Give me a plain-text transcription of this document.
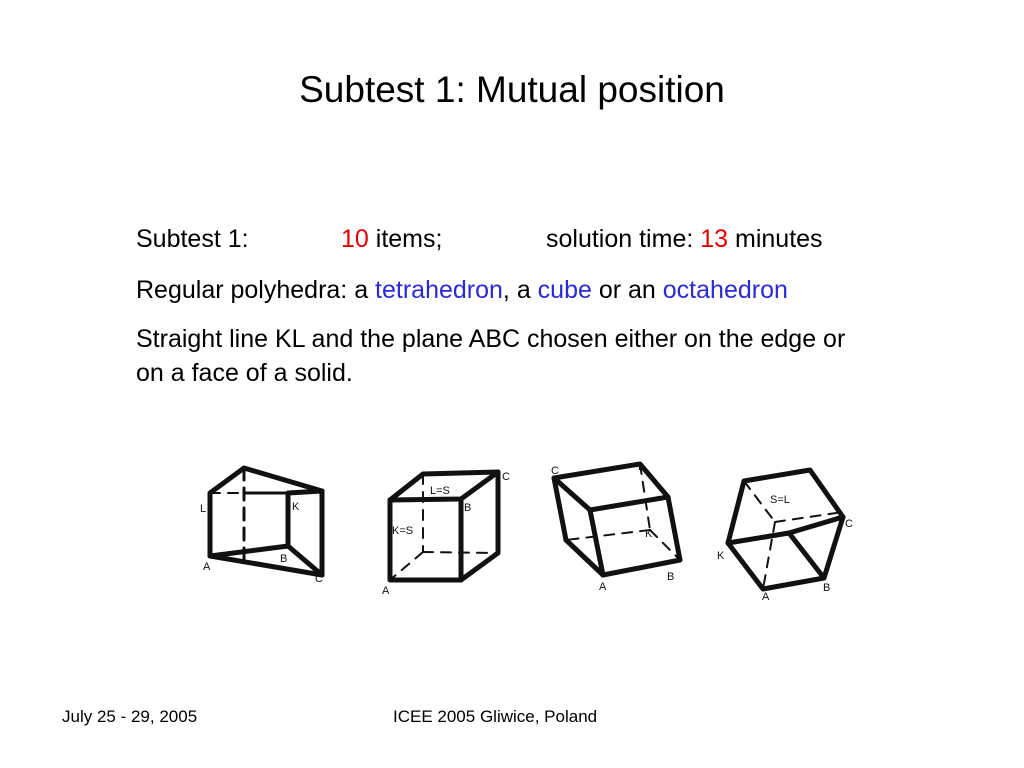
Subtest 1: Mutual position
Subtest 1:	10 items;	solution time: 13 minutes
Regular polyhedra: a tetrahedron, a cube or an octahedron
Straight line KL and the plane ABC chosen either on the edge or on a face of a solid.
L	K
A
B
C
C
L=S
B
K=S
A
C	L
K
A
B
S=L
C
K
A
B
July 25 - 29, 2005	ICEE 2005 Gliwice, Poland
